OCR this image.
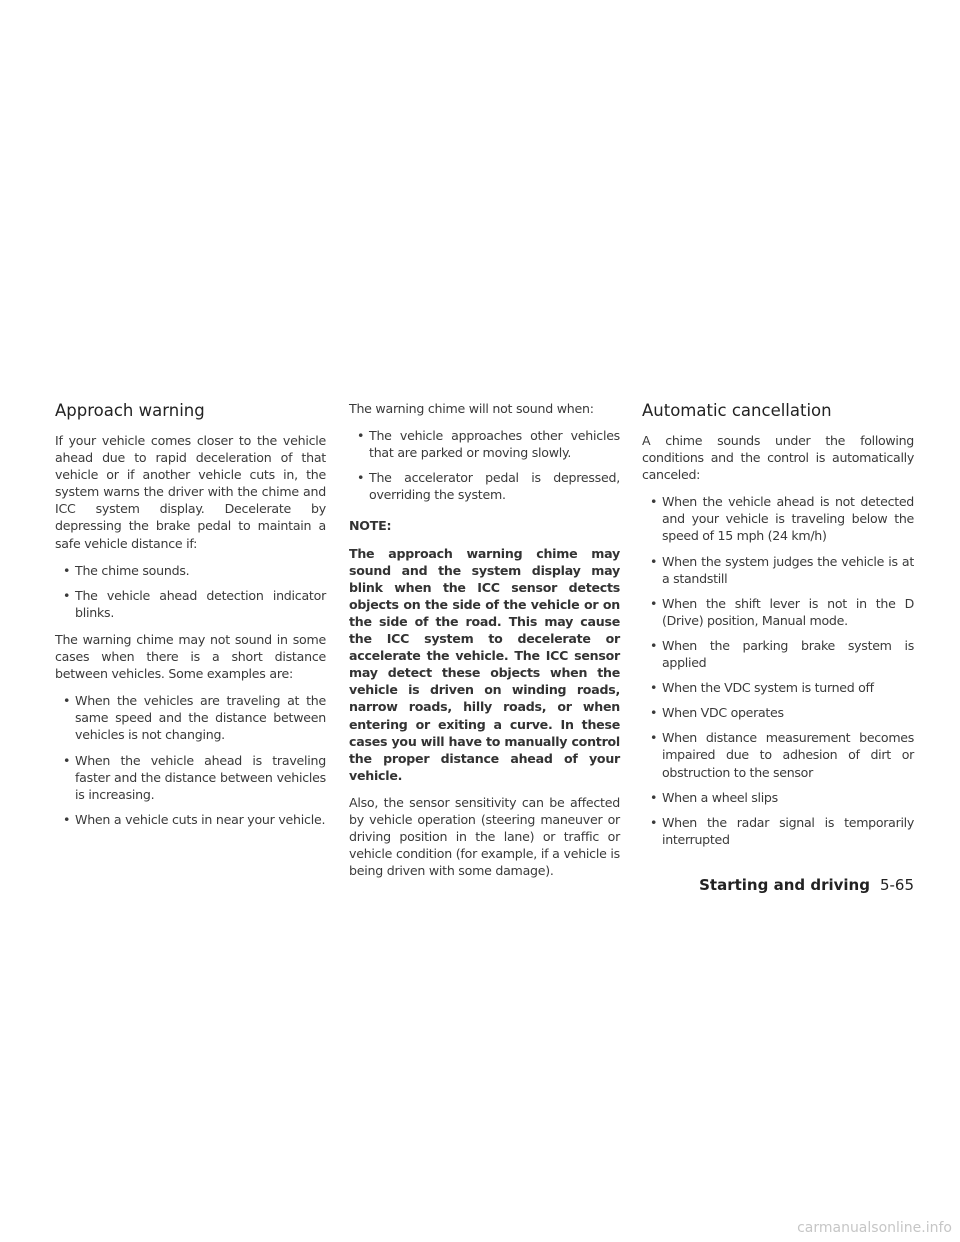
Approach warning

If your vehicle comes closer to the vehicle ahead due to rapid deceleration of that vehicle or if another vehicle cuts in, the system warns the driver with the chime and ICC system display. Decelerate by depressing the brake pedal to maintain a safe vehicle distance if:

• The chime sounds.
• The vehicle ahead detection indicator blinks.

The warning chime may not sound in some cases when there is a short distance between vehicles. Some examples are:

• When the vehicles are traveling at the same speed and the distance between vehicles is not changing.
• When the vehicle ahead is traveling faster and the distance between vehicles is increasing.
• When a vehicle cuts in near your vehicle.

The warning chime will not sound when:

• The vehicle approaches other vehicles that are parked or moving slowly.
• The accelerator pedal is depressed, overriding the system.

NOTE:

The approach warning chime may sound and the system display may blink when the ICC sensor detects objects on the side of the vehicle or on the side of the road. This may cause the ICC system to decelerate or accelerate the vehicle. The ICC sensor may detect these objects when the vehicle is driven on winding roads, narrow roads, hilly roads, or when entering or exiting a curve. In these cases you will have to manually control the proper distance ahead of your vehicle.

Also, the sensor sensitivity can be affected by vehicle operation (steering maneuver or driving position in the lane) or traffic or vehicle condition (for example, if a vehicle is being driven with some damage).

Automatic cancellation

A chime sounds under the following conditions and the control is automatically canceled:

• When the vehicle ahead is not detected and your vehicle is traveling below the speed of 15 mph (24 km/h)
• When the system judges the vehicle is at a standstill
• When the shift lever is not in the D (Drive) position, Manual mode.
• When the parking brake system is applied
• When the VDC system is turned off
• When VDC operates
• When distance measurement becomes impaired due to adhesion of dirt or obstruction to the sensor
• When a wheel slips
• When the radar signal is temporarily interrupted
Starting and driving 5-65
carmanualsonline.info
